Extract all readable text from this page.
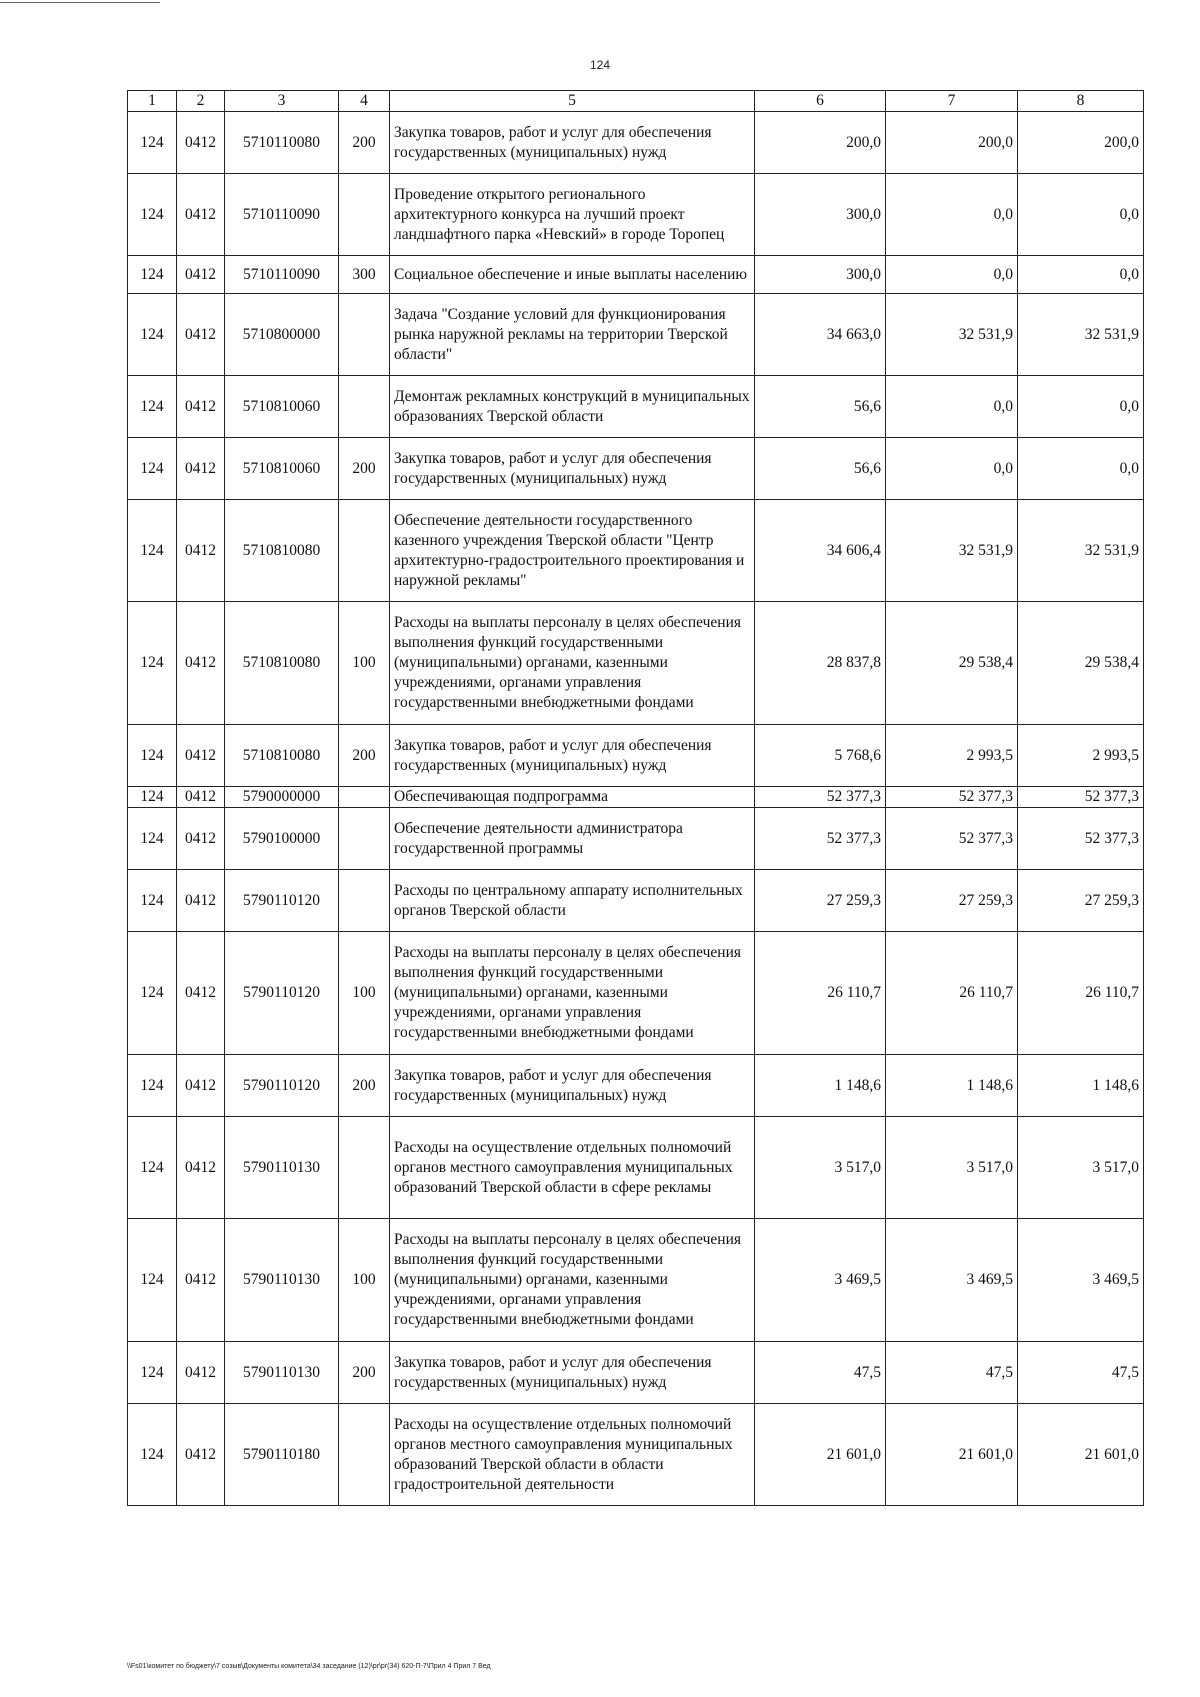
124
1	2	3	4	5	6	7	8
124	0412	5710110080	200	Закупка товаров, работ и услуг для обеспечения государственных (муниципальных) нужд	200,0	200,0	200,0
124	0412	5710110090		Проведение открытого регионального архитектурного конкурса на лучший проект ландшафтного парка «Невский» в городе Торопец	300,0	0,0	0,0
124	0412	5710110090	300	Социальное обеспечение и иные выплаты населению	300,0	0,0	0,0
124	0412	5710800000		Задача "Создание условий для функционирования рынка наружной рекламы на территории Тверской области"	34 663,0	32 531,9	32 531,9
124	0412	5710810060		Демонтаж рекламных конструкций в муниципальных образованиях Тверской области	56,6	0,0	0,0
124	0412	5710810060	200	Закупка товаров, работ и услуг для обеспечения государственных (муниципальных) нужд	56,6	0,0	0,0
124	0412	5710810080		Обеспечение деятельности государственного казенного учреждения Тверской области "Центр архитектурно-градостроительного проектирования и наружной рекламы"	34 606,4	32 531,9	32 531,9
124	0412	5710810080	100	Расходы на выплаты персоналу в целях обеспечения выполнения функций государственными (муниципальными) органами, казенными учреждениями, органами управления государственными внебюджетными фондами	28 837,8	29 538,4	29 538,4
124	0412	5710810080	200	Закупка товаров, работ и услуг для обеспечения государственных (муниципальных) нужд	5 768,6	2 993,5	2 993,5
124	0412	5790000000		Обеспечивающая подпрограмма	52 377,3	52 377,3	52 377,3
124	0412	5790100000		Обеспечение деятельности администратора государственной программы	52 377,3	52 377,3	52 377,3
124	0412	5790110120		Расходы по центральному аппарату исполнительных органов Тверской области	27 259,3	27 259,3	27 259,3
124	0412	5790110120	100	Расходы на выплаты персоналу в целях обеспечения выполнения функций государственными (муниципальными) органами, казенными учреждениями, органами управления государственными внебюджетными фондами	26 110,7	26 110,7	26 110,7
124	0412	5790110120	200	Закупка товаров, работ и услуг для обеспечения государственных (муниципальных) нужд	1 148,6	1 148,6	1 148,6
124	0412	5790110130		Расходы на осуществление отдельных полномочий органов местного самоуправления муниципальных образований Тверской области в сфере рекламы	3 517,0	3 517,0	3 517,0
124	0412	5790110130	100	Расходы на выплаты персоналу в целях обеспечения выполнения функций государственными (муниципальными) органами, казенными учреждениями, органами управления государственными внебюджетными фондами	3 469,5	3 469,5	3 469,5
124	0412	5790110130	200	Закупка товаров, работ и услуг для обеспечения государственных (муниципальных) нужд	47,5	47,5	47,5
124	0412	5790110180		Расходы на осуществление отдельных полномочий органов местного самоуправления муниципальных образований Тверской области в области градостроительной деятельности	21 601,0	21 601,0	21 601,0
\\Fs01\комитет по бюджету\7 созыв\Документы комитета\34 заседание (12)\pr\pr(34) 620-П-7\Прил 4 Прил 7 Вед
